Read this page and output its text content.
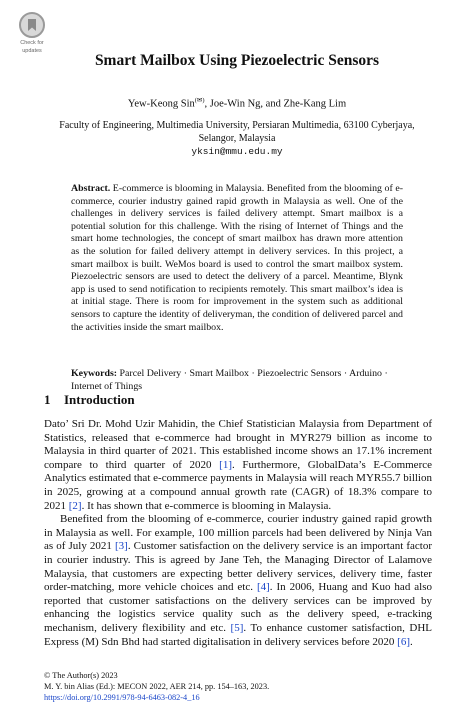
Check for
updates
Smart Mailbox Using Piezoelectric Sensors
Yew-Keong Sin(✉), Joe-Win Ng, and Zhe-Kang Lim
Faculty of Engineering, Multimedia University, Persiaran Multimedia, 63100 Cyberjaya,
Selangor, Malaysia
yksin@mmu.edu.my
Abstract. E-commerce is blooming in Malaysia. Benefited from the blooming of e-commerce, courier industry gained rapid growth in Malaysia as well. One of the challenges in delivery services is failed delivery attempt. Smart mailbox is a potential solution for this challenge. With the rising of Internet of Things and the smart home technologies, the concept of smart mailbox has drawn more attention as the solution for failed delivery attempt in delivery services. In this project, a smart mailbox is built. WeMos board is used to control the smart mailbox system. Piezoelectric sensors are used to detect the delivery of a parcel. Meantime, Blynk app is used to send notification to recipients remotely. This smart mailbox’s idea is at initial stage. There is room for improvement in the system such as additional sensors to capture the identity of deliveryman, the condition of delivered parcel and the activities inside the smart mailbox.
Keywords: Parcel Delivery · Smart Mailbox · Piezoelectric Sensors · Arduino · Internet of Things
1 Introduction

Dato’ Sri Dr. Mohd Uzir Mahidin, the Chief Statistician Malaysia from Department of Statistics, released that e-commerce had brought in MYR279 billion as income to Malaysia in third quarter of 2021. This established income shows an 17.1% increment compare to third quarter of 2020 [1]. Furthermore, GlobalData’s E-Commerce Analytics estimated that e-commerce payments in Malaysia will reach MYR55.7 billion in 2025, growing at a compound annual growth rate (CAGR) of 18.3% compare to 2021 [2]. It has shown that e-commerce is blooming in Malaysia.

Benefited from the blooming of e-commerce, courier industry gained rapid growth in Malaysia as well. For example, 100 million parcels had been delivered by Ninja Van as of July 2021 [3]. Customer satisfaction on the delivery service is an important factor in courier industry. This is agreed by Jane Teh, the Managing Director of Lalamove Malaysia, that customers are expecting better delivery services, delivery time, faster order-matching, more vehicle choices and etc. [4]. In 2006, Huang and Kuo had also reported that customer satisfactions on the delivery services can be improved by enhancing the logistics service quality such as the delivery speed, e-tracking mechanism, delivery flexibility and etc. [5]. To enhance customer satisfaction, DHL Express (M) Sdn Bhd had started digitalisation in delivery services before 2020 [6].

© The Author(s) 2023
M. Y. bin Alias (Ed.): MECON 2022, AER 214, pp. 154–163, 2023.
https://doi.org/10.2991/978-94-6463-082-4_16
